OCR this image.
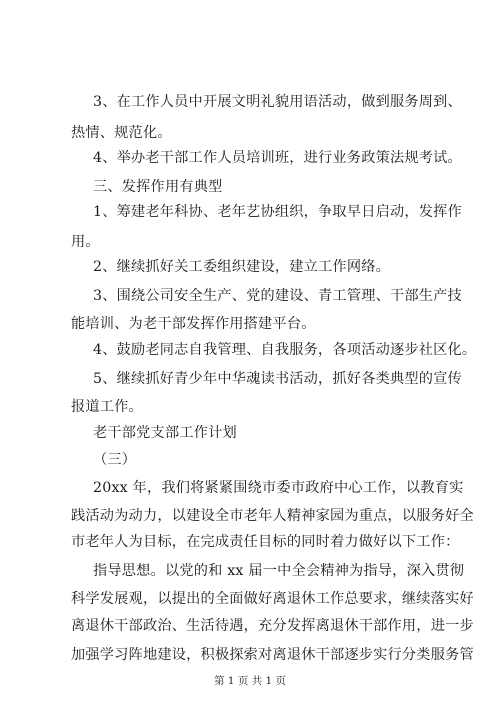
3、在工作人员中开展文明礼貌用语活动，做到服务周到、
热情、规范化。
4、举办老干部工作人员培训班，进行业务政策法规考试。
三、发挥作用有典型
1、筹建老年科协、老年艺协组织，争取早日启动，发挥作
用。
2、继续抓好关工委组织建设，建立工作网络。
3、围绕公司安全生产、党的建设、青工管理、干部生产技
能培训、为老干部发挥作用搭建平台。
4、鼓励老同志自我管理、自我服务，各项活动逐步社区化。
5、继续抓好青少年中华魂读书活动，抓好各类典型的宣传
报道工作。
老干部党支部工作计划
（三）
20xx 年，我们将紧紧围绕市委市政府中心工作，以教育实
践活动为动力，以建设全市老年人精神家园为重点，以服务好全
市老年人为目标，在完成责任目标的同时着力做好以下工作：
指导思想。以党的和 xx 届一中全会精神为指导，深入贯彻
科学发展观，以提出的全面做好离退休工作总要求，继续落实好
离退休干部政治、生活待遇，充分发挥离退休干部作用，进一步
加强学习阵地建设，积极探索对离退休干部逐步实行分类服务管
第 1 页 共 1 页
